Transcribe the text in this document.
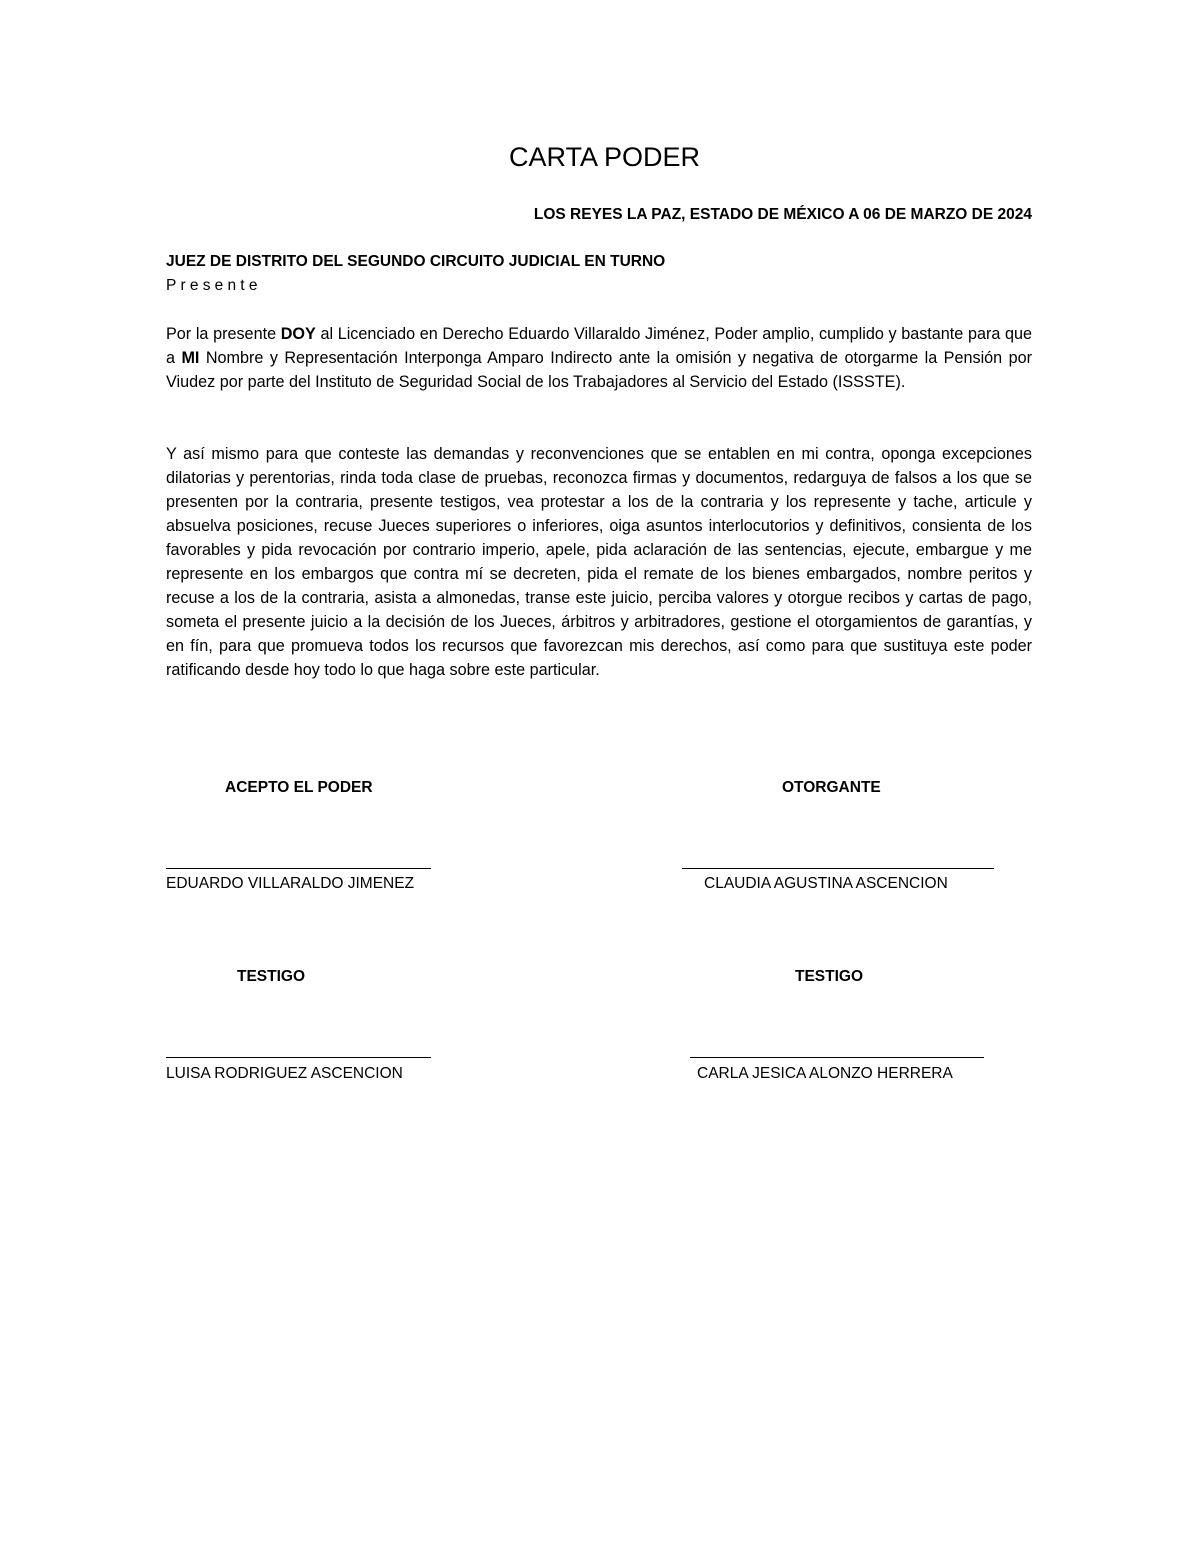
CARTA PODER
LOS REYES LA PAZ, ESTADO DE MÉXICO A 06 DE MARZO DE 2024
JUEZ DE DISTRITO DEL SEGUNDO CIRCUITO JUDICIAL EN TURNO
Presente
Por la presente DOY al Licenciado en Derecho Eduardo Villaraldo Jiménez, Poder amplio, cumplido y bastante para que a MI Nombre y Representación Interponga Amparo Indirecto ante la omisión y negativa de otorgarme la Pensión por Viudez por parte del Instituto de Seguridad Social de los Trabajadores al Servicio del Estado (ISSSTE).
Y así mismo para que conteste las demandas y reconvenciones que se entablen en mi contra, oponga excepciones dilatorias y perentorias, rinda toda clase de pruebas, reconozca firmas y documentos, redarguya de falsos a los que se presenten por la contraria, presente testigos, vea protestar a los de la contraria y los represente y tache, articule y absuelva posiciones, recuse Jueces superiores o inferiores, oiga asuntos interlocutorios y definitivos, consienta de los favorables y pida revocación por contrario imperio, apele, pida aclaración de las sentencias, ejecute, embargue y me represente en los embargos que contra mí se decreten, pida el remate de los bienes embargados, nombre peritos y recuse a los de la contraria, asista a almonedas, transe este juicio, perciba valores y otorgue recibos y cartas de pago, someta el presente juicio a la decisión de los Jueces, árbitros y arbitradores, gestione el otorgamientos de garantías, y en fín, para que promueva todos los recursos que favorezcan mis derechos, así como para que sustituya este poder ratificando desde hoy todo lo que haga sobre este particular.
ACEPTO EL PODER	OTORGANTE
EDUARDO VILLARALDO JIMENEZ	CLAUDIA AGUSTINA ASCENCION
TESTIGO	TESTIGO
LUISA RODRIGUEZ ASCENCION	CARLA JESICA ALONZO HERRERA
